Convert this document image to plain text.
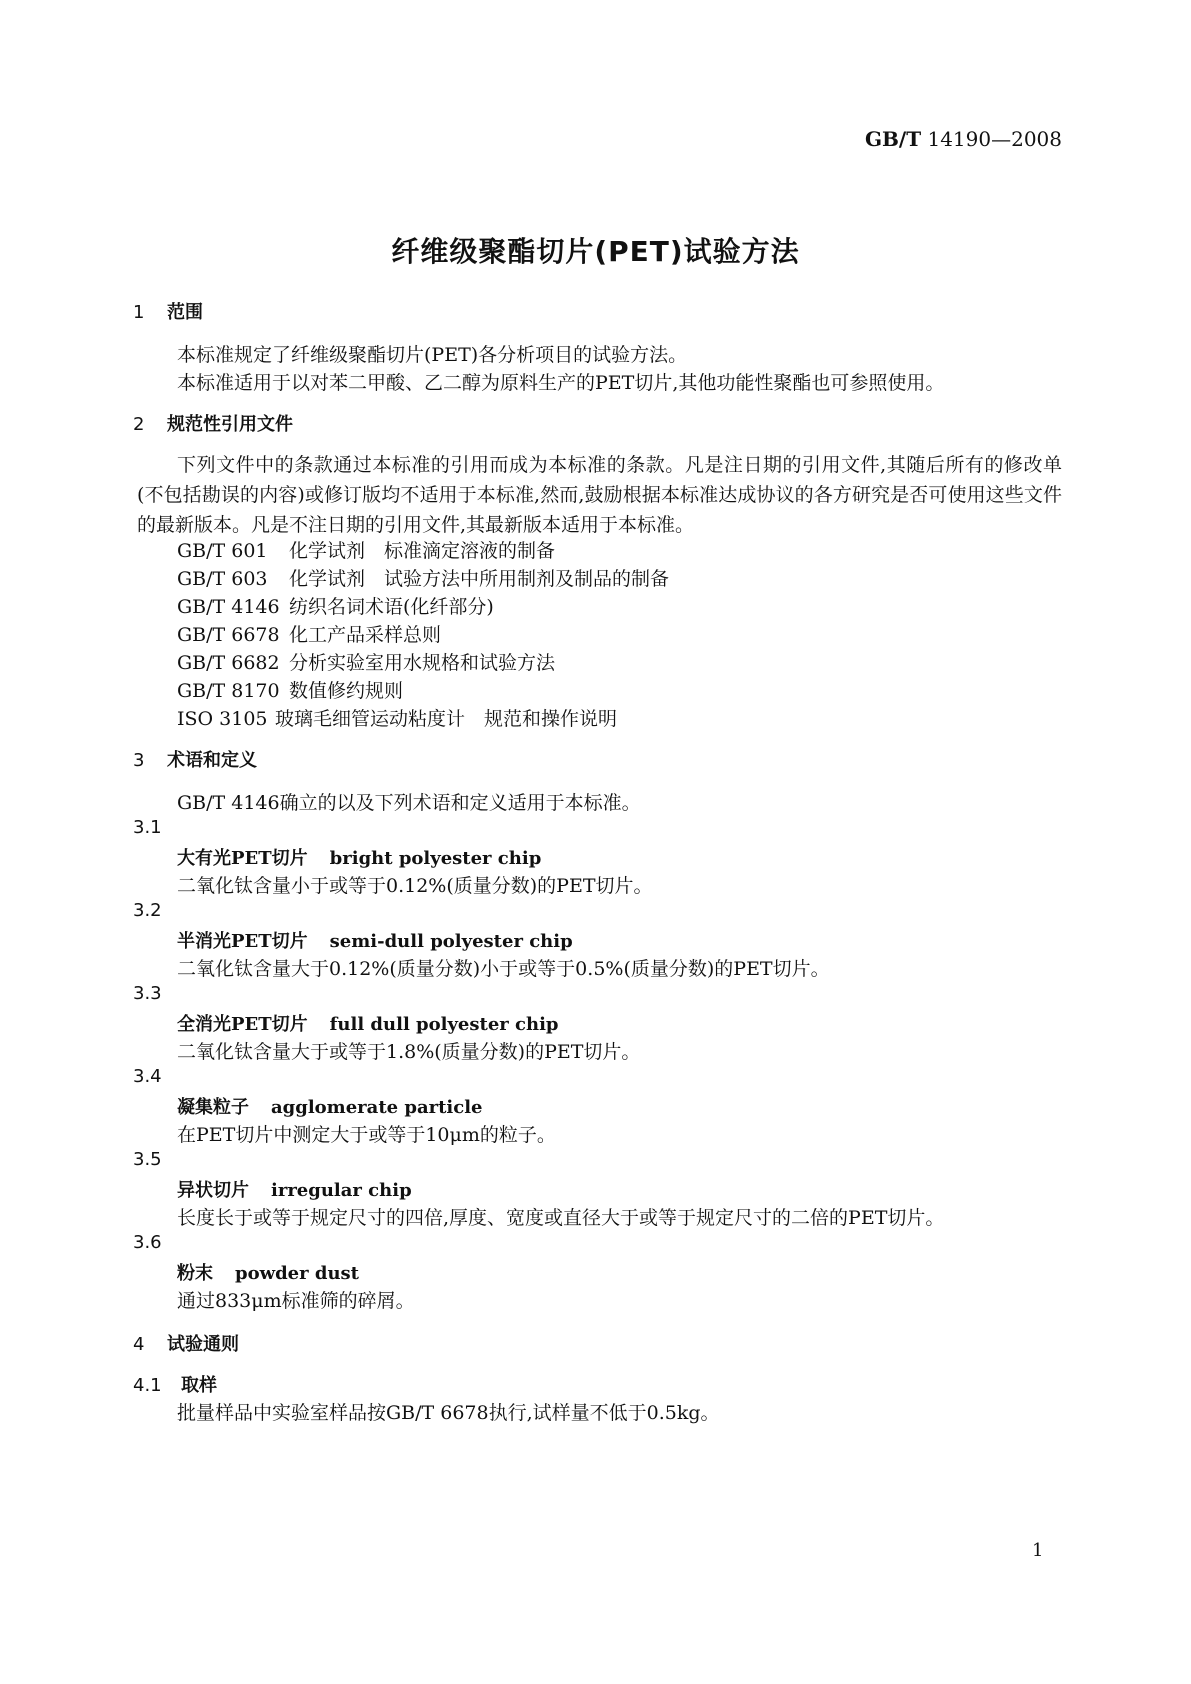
GB/T 14190—2008
纤维级聚酯切片(PET)试验方法
1 范围
本标准规定了纤维级聚酯切片(PET)各分析项目的试验方法。
本标准适用于以对苯二甲酸、乙二醇为原料生产的PET切片,其他功能性聚酯也可参照使用。
2 规范性引用文件
下列文件中的条款通过本标准的引用而成为本标准的条款。凡是注日期的引用文件,其随后所有的修改单(不包括勘误的内容)或修订版均不适用于本标准,然而,鼓励根据本标准达成协议的各方研究是否可使用这些文件的最新版本。凡是不注日期的引用文件,其最新版本适用于本标准。
GB/T 601 化学试剂　标准滴定溶液的制备
GB/T 603 化学试剂　试验方法中所用制剂及制品的制备
GB/T 4146 纺织名词术语(化纤部分)
GB/T 6678 化工产品采样总则
GB/T 6682 分析实验室用水规格和试验方法
GB/T 8170 数值修约规则
ISO 3105 玻璃毛细管运动粘度计　规范和操作说明
3 术语和定义
GB/T 4146确立的以及下列术语和定义适用于本标准。
3.1
大有光PET切片 bright polyester chip
二氧化钛含量小于或等于0.12%(质量分数)的PET切片。
3.2
半消光PET切片 semi-dull polyester chip
二氧化钛含量大于0.12%(质量分数)小于或等于0.5%(质量分数)的PET切片。
3.3
全消光PET切片 full dull polyester chip
二氧化钛含量大于或等于1.8%(质量分数)的PET切片。
3.4
凝集粒子 agglomerate particle
在PET切片中测定大于或等于10μm的粒子。
3.5
异状切片 irregular chip
长度长于或等于规定尺寸的四倍,厚度、宽度或直径大于或等于规定尺寸的二倍的PET切片。
3.6
粉末 powder dust
通过833μm标准筛的碎屑。
4 试验通则
4.1 取样
批量样品中实验室样品按GB/T 6678执行,试样量不低于0.5kg。
1
